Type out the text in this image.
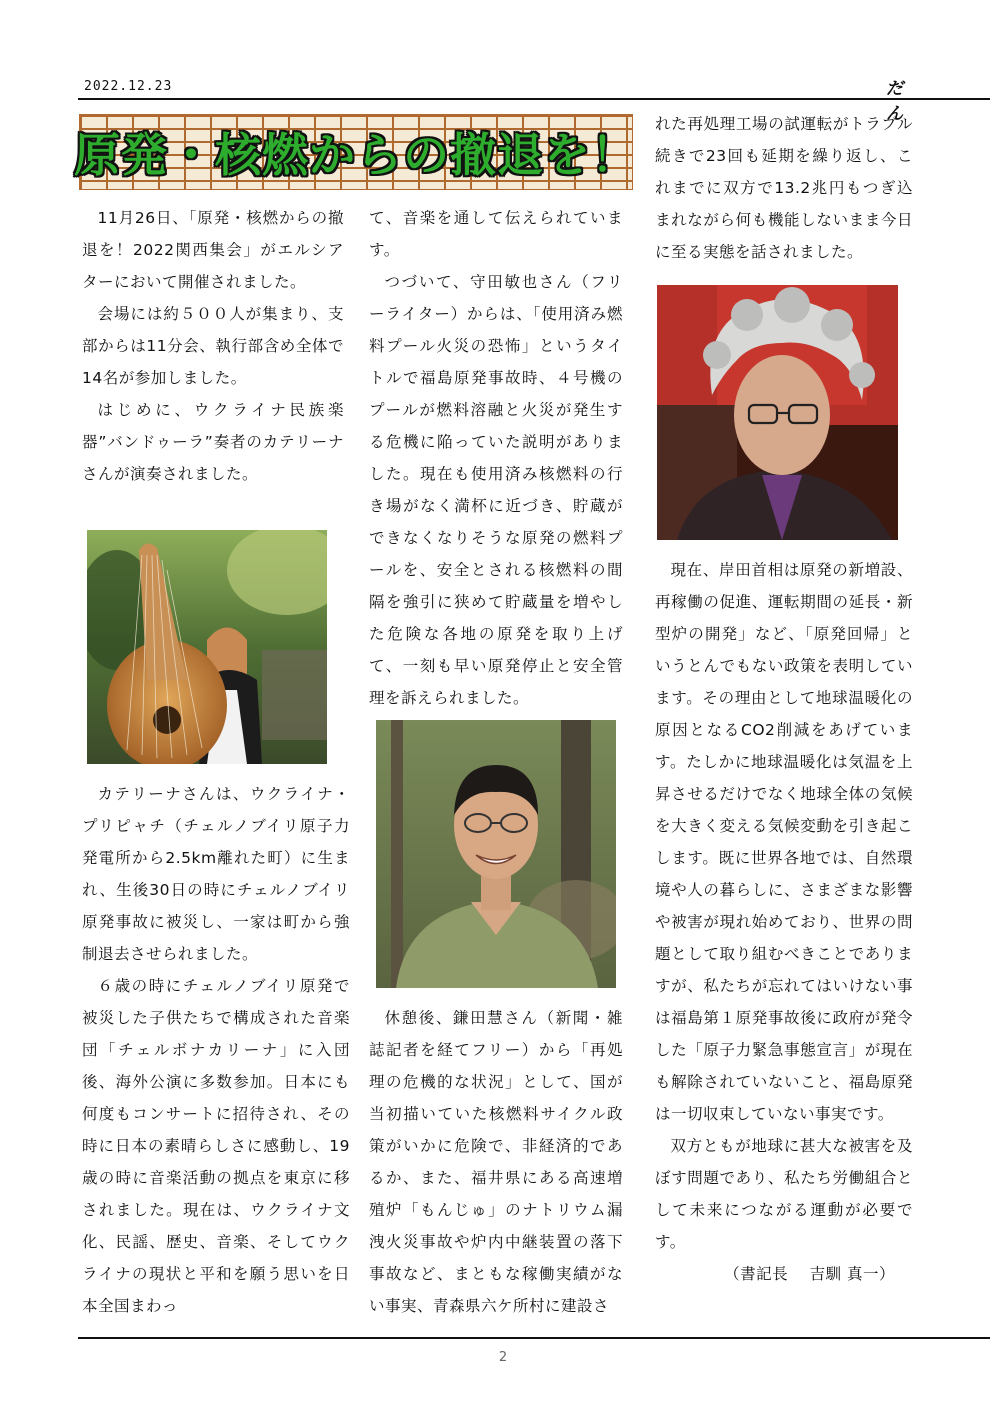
2022.12.23	だん
原発・核燃からの撤退を！

11月26日、「原発・核燃からの撤退を！2022関西集会」がエルシアターにおいて開催されました。

会場には約５００人が集まり、支部からは11分会、執行部含め全体で14名が参加しました。

はじめに、ウクライナ民族楽器”バンドゥーラ”奏者のカテリーナさんが演奏されました。

カテリーナさんは、ウクライナ・プリピャチ（チェルノブイリ原子力発電所から2.5km離れた町）に生まれ、生後30日の時にチェルノブイリ原発事故に被災し、一家は町から強制退去させられました。

６歳の時にチェルノブイリ原発で被災した子供たちで構成された音楽団「チェルボナカリーナ」に入団後、海外公演に多数参加。日本にも何度もコンサートに招待され、その時に日本の素晴らしさに感動し、19歳の時に音楽活動の拠点を東京に移されました。現在は、ウクライナ文化、民謡、歴史、音楽、そしてウクライナの現状と平和を願う思いを日本全国まわっ

て、音楽を通して伝えられています。

つづいて、守田敏也さん（フリーライター）からは、「使用済み燃料プール火災の恐怖」というタイトルで福島原発事故時、４号機のプールが燃料溶融と火災が発生する危機に陥っていた説明がありました。現在も使用済み核燃料の行き場がなく満杯に近づき、貯蔵ができなくなりそうな原発の燃料プールを、安全とされる核燃料の間隔を強引に狭めて貯蔵量を増やした危険な各地の原発を取り上げて、一刻も早い原発停止と安全管理を訴えられました。

休憩後、鎌田慧さん（新聞・雑誌記者を経てフリー）から「再処理の危機的な状況」として、国が当初描いていた核燃料サイクル政策がいかに危険で、非経済的であるか、また、福井県にある高速増殖炉「もんじゅ」のナトリウム漏洩火災事故や炉内中継装置の落下事故など、まともな稼働実績がない事実、青森県六ケ所村に建設さ

れた再処理工場の試運転がトラブル続きで23回も延期を繰り返し、これまでに双方で13.2兆円もつぎ込まれながら何も機能しないまま今日に至る実態を話されました。

現在、岸田首相は原発の新増設、再稼働の促進、運転期間の延長・新型炉の開発」など、「原発回帰」というとんでもない政策を表明しています。その理由として地球温暖化の原因となるCO2削減をあげています。たしかに地球温暖化は気温を上昇させるだけでなく地球全体の気候を大きく変える気候変動を引き起こします。既に世界各地では、自然環境や人の暮らしに、さまざまな影響や被害が現れ始めており、世界の問題として取り組むべきことでありますが、私たちが忘れてはいけない事は福島第１原発事故後に政府が発令した「原子力緊急事態宣言」が現在も解除されていないこと、福島原発は一切収束していない事実です。

双方ともが地球に甚大な被害を及ぼす問題であり、私たち労働組合として未来につながる運動が必要です。

（書記長　 吉馴 真一）

2
